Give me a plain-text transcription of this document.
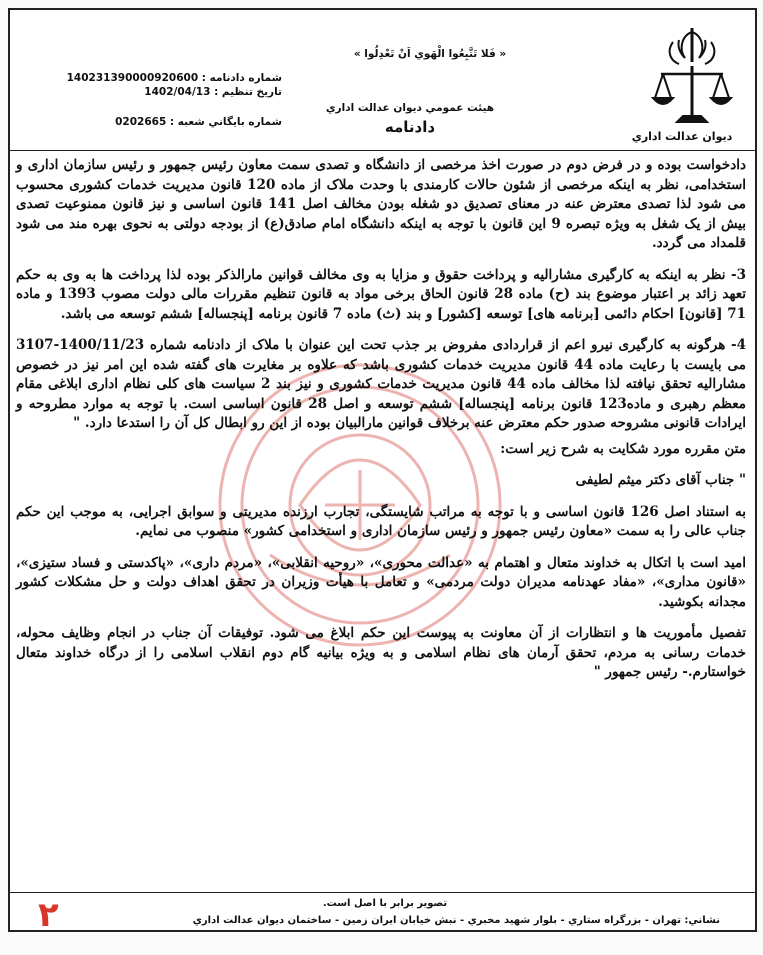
ديوان عدالت اداري
« فَلا تَتَّبِعُوا الْهَوي اَنْ تَعْدِلُوا »
هيئت عمومي ديوان عدالت اداري
دادنامه
شماره دادنامه : 140231390000920600
تاريخ تنظيم : 1402/04/13
شماره بايگاني شعبه : 0202665

دادخواست بوده و در فرض دوم در صورت اخذ مرخصی از دانشگاه و تصدی سمت معاون رئیس جمهور و رئیس سازمان اداری و استخدامی، نظر به اینکه مرخصی از شئون حالات کارمندی با وحدت ملاک از ماده 120 قانون مدیریت خدمات کشوری محسوب می شود لذا تصدی معترض عنه در معنای تصدیق دو شغله بودن مخالف اصل 141 قانون اساسی و نیز قانون ممنوعیت تصدی بیش از یک شغل به ویژه تبصره 9 این قانون با توجه به اینکه دانشگاه امام صادق(ع) از بودجه دولتی به نحوی بهره مند می شود قلمداد می گردد.

3- نظر به اینکه به کارگیری مشارالیه و پرداخت حقوق و مزایا به وی مخالف قوانین مارالذکر بوده لذا پرداخت ها به وی به حکم تعهد زائد بر اعتبار موضوع بند (ح) ماده 28 قانون الحاق برخی مواد به قانون تنظیم مقررات مالی دولت مصوب 1393 و ماده 71 [قانون] احکام دائمی [برنامه های] توسعه [کشور] و بند (ث) ماده 7 قانون برنامه [پنجساله] ششم توسعه می باشد.

4- هرگونه به کارگیری نیرو اعم از قراردادی مفروض بر جذب تحت این عنوان با ملاک از دادنامه شماره 1400/11/23-3107 می بایست با رعایت ماده 44 قانون مدیریت خدمات کشوری باشد که علاوه بر مغایرت های گفته شده این امر نیز در خصوص مشارالیه تحقق نیافته لذا مخالف ماده 44 قانون مدیریت خدمات کشوری و نیز بند 2 سیاست های کلی نظام اداری ابلاغی مقام معظم رهبری و ماده123 قانون برنامه [پنجساله] ششم توسعه و اصل 28 قانون اساسی است. با توجه به موارد مطروحه و ایرادات قانونی مشروحه صدور حکم معترض عنه برخلاف قوانین مارالبیان بوده از این رو ابطال کل آن را استدعا دارد. "

متن مقرره مورد شکایت به شرح زیر است:

" جناب آقای دکتر میثم لطیفی

به استناد اصل 126 قانون اساسی و با توجه به مراتب شایستگی، تجارب ارزنده مدیریتی و سوابق اجرایی، به موجب این حکم جناب عالی را به سمت «معاون رئیس جمهور و رئیس سازمان اداری و استخدامی کشور» منصوب می نمایم.

امید است با اتکال به خداوند متعال و اهتمام به «عدالت محوری»، «روحیه انقلابی»، «مردم داری»، «پاکدستی و فساد ستیزی»، «قانون مداری»، «مفاد عهدنامه مدیران دولت مردمی» و تعامل با هیأت وزیران در تحقق اهداف دولت و حل مشکلات کشور مجدانه بکوشید.

تفصیل مأموریت ها و انتظارات از آن معاونت به پیوست این حکم ابلاغ می شود. توفیقات آن جناب در انجام وظایف محوله، خدمات رسانی به مردم، تحقق آرمان های نظام اسلامی و به ویژه بیانیه گام دوم انقلاب اسلامی را از درگاه خداوند متعال خواستارم.- رئیس جمهور "

تصوير برابر با اصل است.
نشاني: تهران - بزرگراه ستاري - بلوار شهيد مخبري - نبش خيابان ايران زمين - ساختمان ديوان عدالت اداري
٢
